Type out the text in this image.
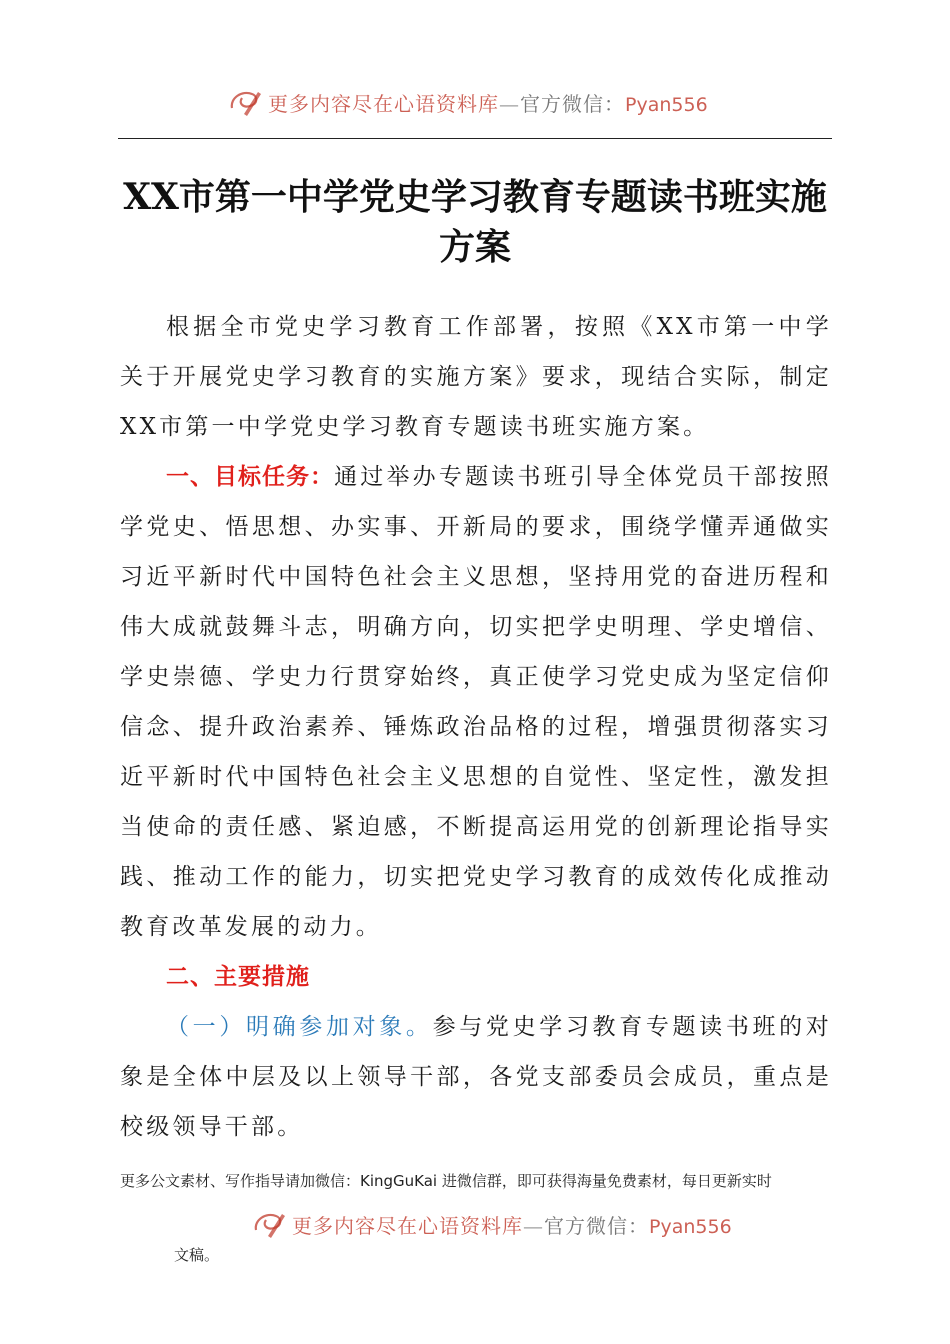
更多内容尽在心语资料库—官方微信：Pyan556
XX市第一中学党史学习教育专题读书班实施方案

根据全市党史学习教育工作部署，按照《XX市第一中学关于开展党史学习教育的实施方案》要求，现结合实际，制定XX市第一中学党史学习教育专题读书班实施方案。

一、目标任务：通过举办专题读书班引导全体党员干部按照学党史、悟思想、办实事、开新局的要求，围绕学懂弄通做实习近平新时代中国特色社会主义思想，坚持用党的奋进历程和伟大成就鼓舞斗志，明确方向，切实把学史明理、学史增信、学史崇德、学史力行贯穿始终，真正使学习党史成为坚定信仰信念、提升政治素养、锤炼政治品格的过程，增强贯彻落实习近平新时代中国特色社会主义思想的自觉性、坚定性，激发担当使命的责任感、紧迫感，不断提高运用党的创新理论指导实践、推动工作的能力，切实把党史学习教育的成效传化成推动教育改革发展的动力。

二、主要措施

（一）明确参加对象。参与党史学习教育专题读书班的对象是全体中层及以上领导干部，各党支部委员会成员，重点是校级领导干部。

更多公文素材、写作指导请加微信：KingGuKai 进微信群，即可获得海量免费素材，每日更新实时
更多内容尽在心语资料库—官方微信：Pyan556
文稿。
